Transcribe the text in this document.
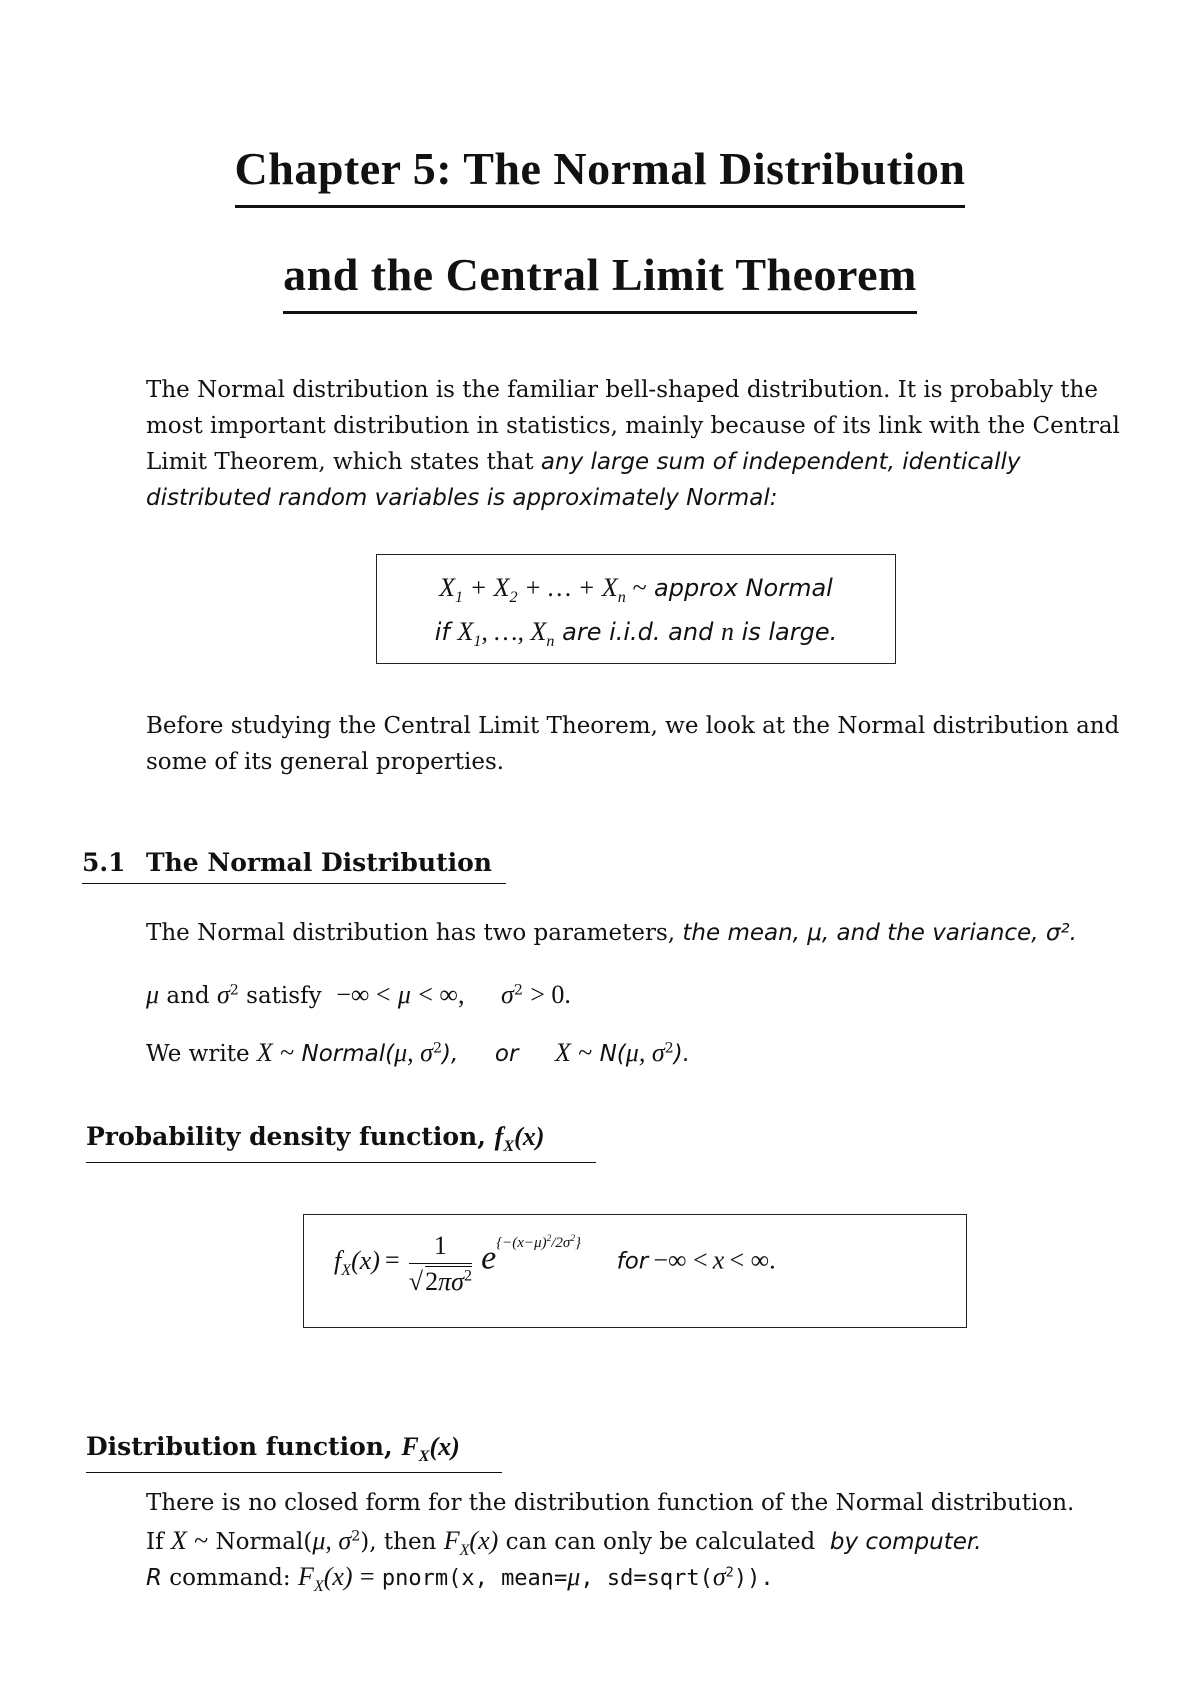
Chapter 5: The Normal Distribution
and the Central Limit Theorem
The Normal distribution is the familiar bell-shaped distribution. It is probably the most important distribution in statistics, mainly because of its link with the Central Limit Theorem, which states that any large sum of independent, identically distributed random variables is approximately Normal:
$X_1 + X_2$ + … + $X_n$ ~ approx Normal
if $X_1$, …, $X_n$ are i.i.d. and n is large.
Before studying the Central Limit Theorem, we look at the Normal distribution and some of its general properties.
5.1 The Normal Distribution
The Normal distribution has two parameters, the mean, μ, and the variance, σ².
μ and $\sigma^2$ satisfy  −∞ < μ < ∞, $\sigma^2 > 0$.
We write X ~ Normal(μ, $\sigma^2$), or X ~ N(μ, $\sigma^2$).
Probability density function, $f_X(x)$
$f_X(x) = \frac{1}{√2\pi\sigma^2} e^{\{-(x-\mu)^2/2\sigma^2\}}$       for −∞ < x < ∞.
Distribution function, $F_X(x)$
There is no closed form for the distribution function of the Normal distribution.
If X ~ Normal(μ, $\sigma^2$), then $F_X(x)$ can can only be calculated  by computer.
R command: $F_X(x)$ = pnorm(x, mean=μ, $sd=sqrt(\sigma^2)$).
